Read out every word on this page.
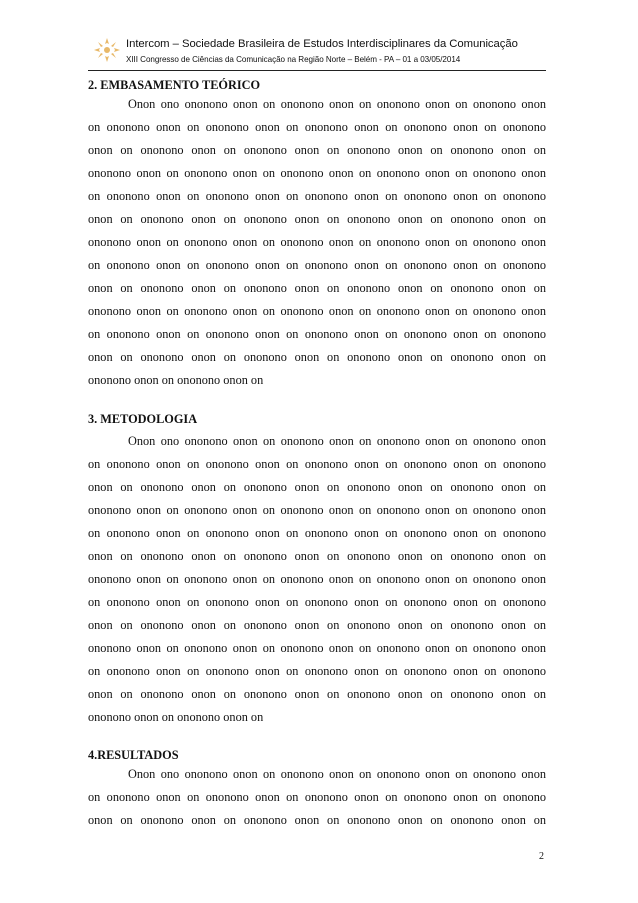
Intercom – Sociedade Brasileira de Estudos Interdisciplinares da Comunicação
XIII Congresso de Ciências da Comunicação na Região Norte – Belém - PA – 01 a 03/05/2014
2. EMBASAMENTO TEÓRICO
Onon ono ononono onon on ononono onon on ononono onon on ononono onon
on ononono onon on ononono onon on ononono onon on ononono onon on ononono
onon on ononono onon on ononono onon on ononono onon on ononono onon on
ononono onon on ononono onon on ononono onon on ononono onon on ononono onon
on ononono onon on ononono onon on ononono onon on ononono onon on ononono
onon on ononono onon on ononono onon on ononono onon on ononono onon on
ononono onon on ononono onon on ononono onon on ononono onon on ononono onon
on ononono onon on ononono onon on ononono onon on ononono onon on ononono
onon on ononono onon on ononono onon on ononono onon on ononono onon on
ononono onon on ononono onon on ononono onon on ononono onon on ononono onon
on ononono onon on ononono onon on ononono onon on ononono onon on ononono
onon on ononono onon on ononono onon on ononono onon on ononono onon on
ononono onon on ononono onon on
3. METODOLOGIA
Onon ono ononono onon on ononono onon on ononono onon on ononono onon
on ononono onon on ononono onon on ononono onon on ononono onon on ononono
onon on ononono onon on ononono onon on ononono onon on ononono onon on
ononono onon on ononono onon on ononono onon on ononono onon on ononono onon
on ononono onon on ononono onon on ononono onon on ononono onon on ononono
onon on ononono onon on ononono onon on ononono onon on ononono onon on
ononono onon on ononono onon on ononono onon on ononono onon on ononono onon
on ononono onon on ononono onon on ononono onon on ononono onon on ononono
onon on ononono onon on ononono onon on ononono onon on ononono onon on
ononono onon on ononono onon on ononono onon on ononono onon on ononono onon
on ononono onon on ononono onon on ononono onon on ononono onon on ononono
onon on ononono onon on ononono onon on ononono onon on ononono onon on
ononono onon on ononono onon on
4.RESULTADOS
Onon ono ononono onon on ononono onon on ononono onon on ononono onon
on ononono onon on ononono onon on ononono onon on ononono onon on ononono
onon on ononono onon on ononono onon on ononono onon on ononono onon on
2
